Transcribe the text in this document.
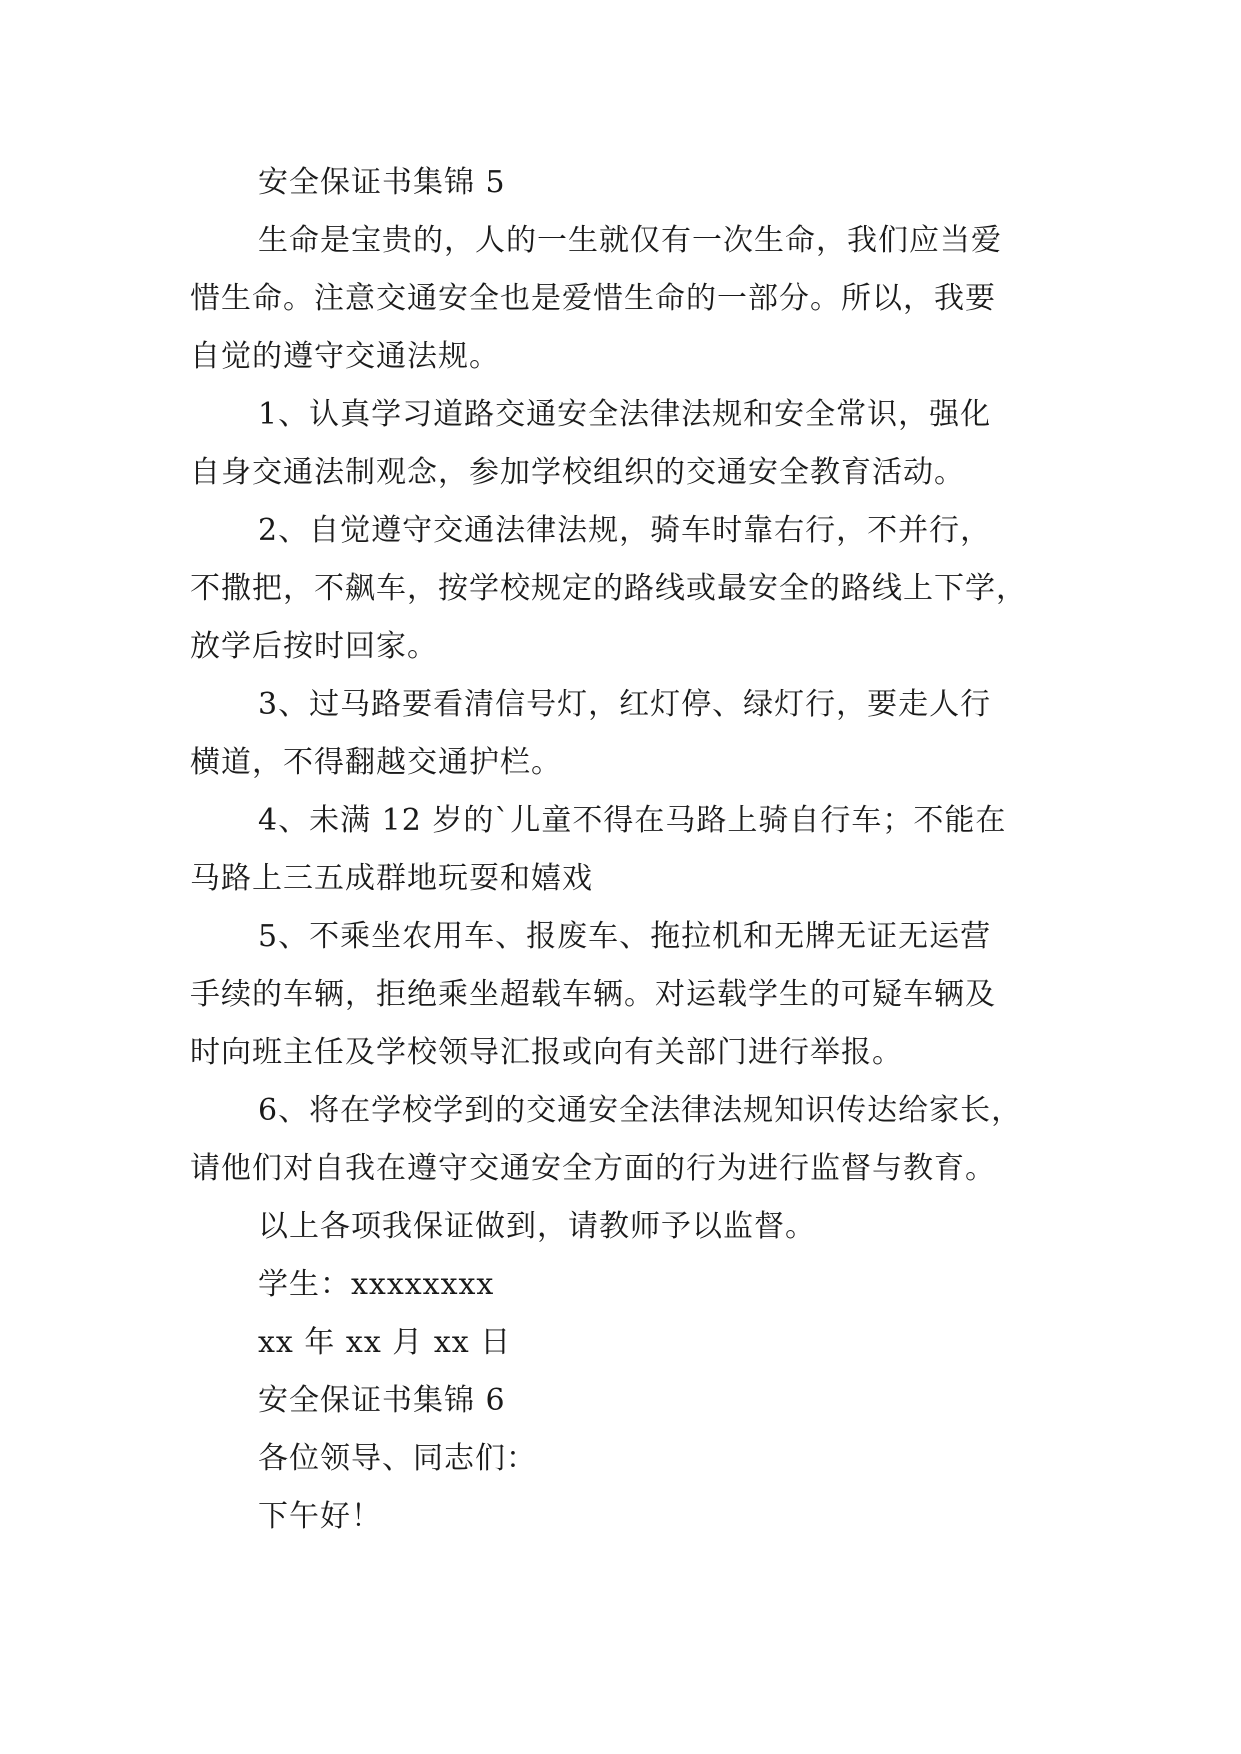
安全保证书集锦 5

生命是宝贵的，人的一生就仅有一次生命，我们应当爱

惜生命。注意交通安全也是爱惜生命的一部分。所以，我要

自觉的遵守交通法规。

1、认真学习道路交通安全法律法规和安全常识，强化

自身交通法制观念，参加学校组织的交通安全教育活动。

2、自觉遵守交通法律法规，骑车时靠右行，不并行，

不撒把，不飙车，按学校规定的路线或最安全的路线上下学，

放学后按时回家。

3、过马路要看清信号灯，红灯停、绿灯行，要走人行

横道，不得翻越交通护栏。

4、未满 12 岁的`儿童不得在马路上骑自行车；不能在

马路上三五成群地玩耍和嬉戏

5、不乘坐农用车、报废车、拖拉机和无牌无证无运营

手续的车辆，拒绝乘坐超载车辆。对运载学生的可疑车辆及

时向班主任及学校领导汇报或向有关部门进行举报。

6、将在学校学到的交通安全法律法规知识传达给家长，

请他们对自我在遵守交通安全方面的行为进行监督与教育。

以上各项我保证做到，请教师予以监督。

学生：xxxxxxxx

xx 年 xx 月 xx 日

安全保证书集锦 6

各位领导、同志们：

下午好！
